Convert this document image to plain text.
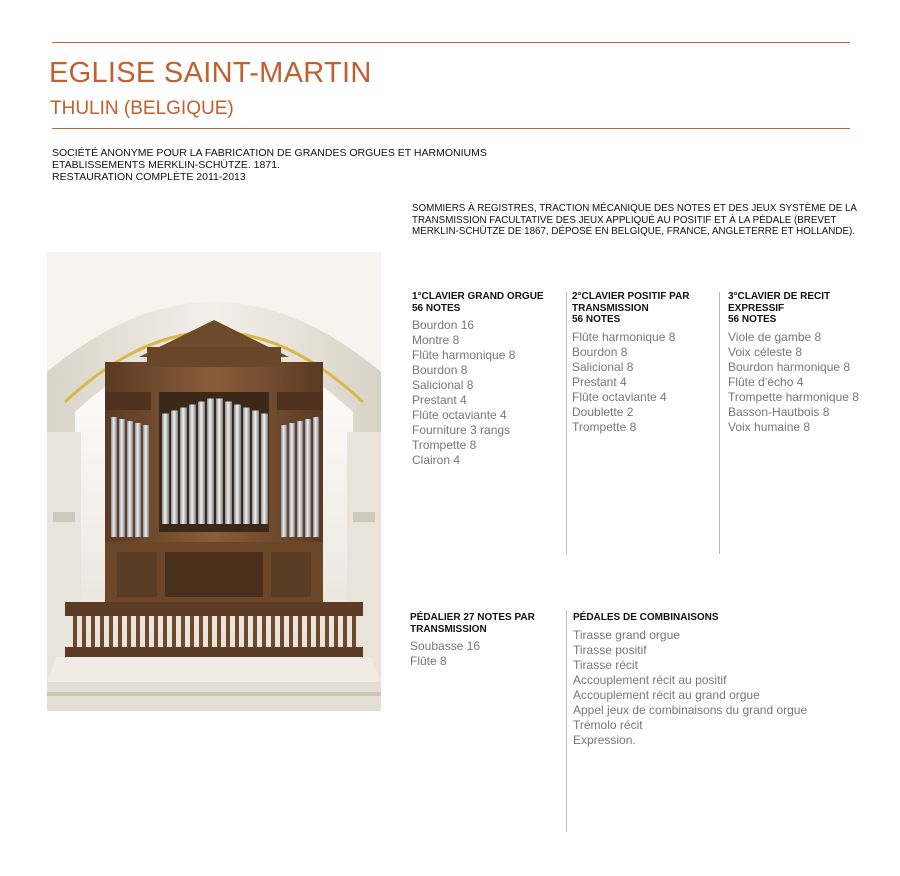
EGLISE SAINT-MARTIN
THULIN (BELGIQUE)
SOCIÉTÉ ANONYME POUR LA FABRICATION DE GRANDES ORGUES ET HARMONIUMS
ETABLISSEMENTS MERKLIN-SCHÜTZE. 1871.
RESTAURATION COMPLÈTE 2011-2013
SOMMIERS À REGISTRES, TRACTION MÉCANIQUE DES NOTES ET DES JEUX SYSTÈME DE LA TRANSMISSION FACULTATIVE DES JEUX APPLIQUÉ AU POSITIF ET À LA PÉDALE (BREVET MERKLIN-SCHÜTZE DE 1867, DÉPOSÉ EN BELGIQUE, FRANCE, ANGLETERRE ET HOLLANDE).
1°CLAVIER GRAND ORGUE
56 NOTES
Bourdon 16
Montre 8
Flûte harmonique 8
Bourdon 8
Salicional 8
Prestant 4
Flûte octaviante 4
Fourniture 3 rangs
Trompette 8
Clairon 4
2°CLAVIER POSITIF PAR TRANSMISSION
56 NOTES
Flûte harmonique 8
Bourdon 8
Salicional 8
Prestant 4
Flûte octaviante 4
Doublette 2
Trompette 8
3°CLAVIER DE RECIT EXPRESSIF
56 NOTES
Viole de gambe 8
Voix céleste 8
Bourdon harmonique 8
Flûte d’écho 4
Trompette harmonique 8
Basson-Hautbois 8
Voix humaine 8
PÉDALIER 27 NOTES PAR TRANSMISSION
Soubasse 16
Flûte 8
PÉDALES DE COMBINAISONS
Tirasse grand orgue
Tirasse positif
Tirasse récit
Accouplement récit au positif
Accouplement récit au grand orgue
Appel jeux de combinaisons du grand orgue
Trémolo récit
Expression.
